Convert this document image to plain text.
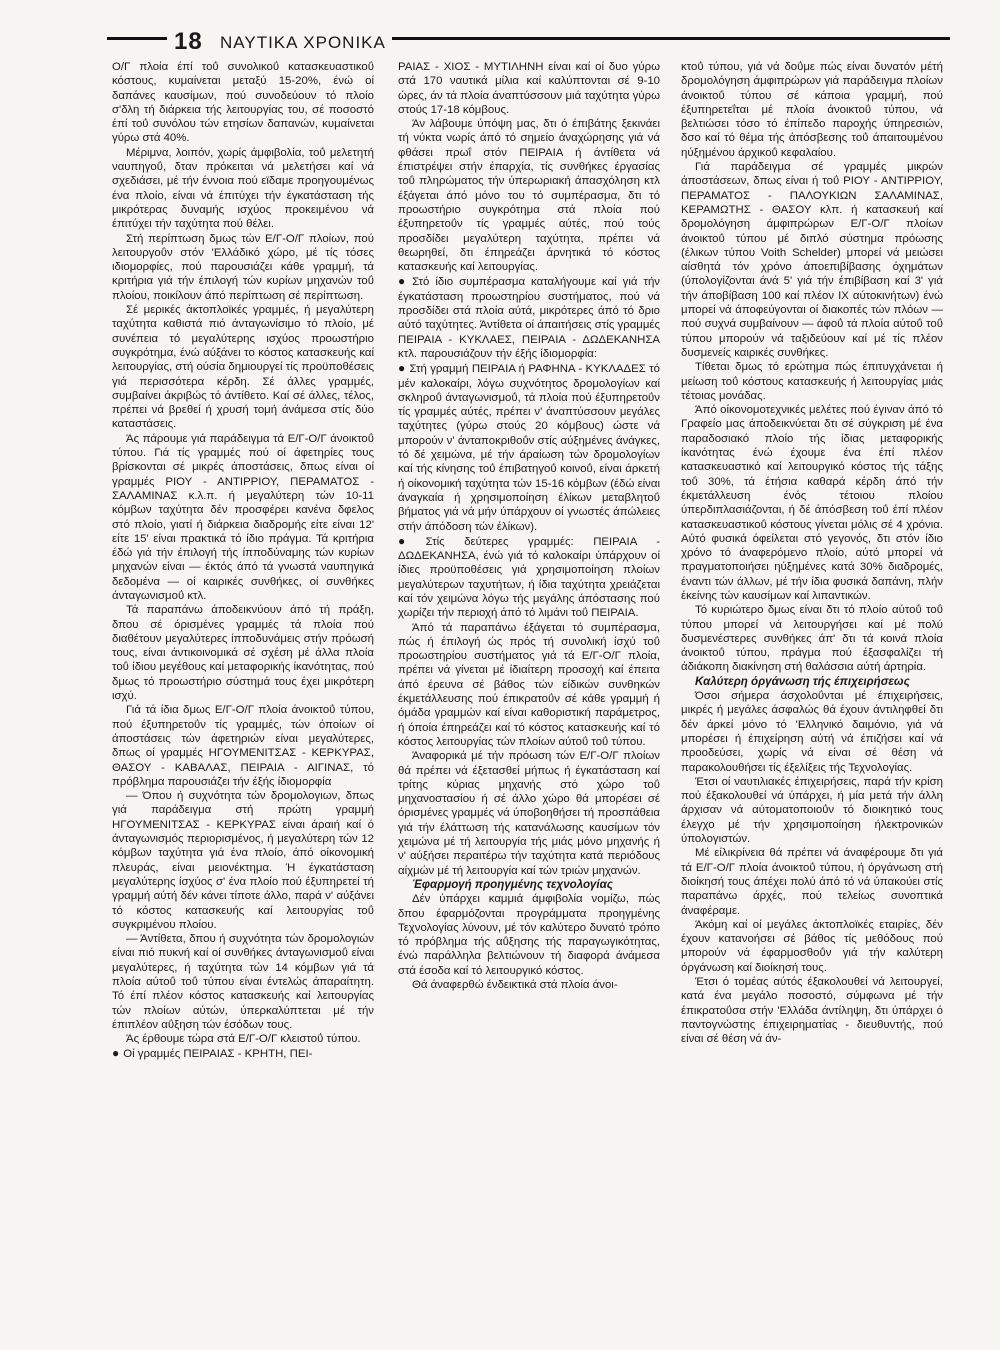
18 ΝΑΥΤΙΚΑ ΧΡΟΝΙΚΑ

Ο/Γ πλοία έπί τοΰ συνολικοΰ κατασκευαστικοΰ κόστους, κυμαίνεται μεταξύ 15-20%, ένώ οί δαπάνες καυσίμων, πού συνοδεύουν τό πλοίο σ'δλη τή διάρκεια τής λειτουργίας του, σέ ποσοστό έπί τοΰ συνόλου τών ετησίων δαπανών, κυμαίνεται γύρω στά 40%.

Μέριμνα, λοιπόν, χωρίς άμφιβολία, τοΰ μελετητή ναυπηγοΰ, δταν πρόκειται νά μελετήσει καί νά σχεδιάσει, μέ τήν έννοια πού εϊδαμε προηγουμένως ένα πλοίο, είναι νά έπιτύχει τήν έγκατάσταση τής μικρότερας δυναμής ισχύος προκειμένου νά έπιτύχει τήν ταχύτητα πού θέλει.

Στή περίπτωση δμως τών Ε/Γ-Ο/Γ πλοίων, πού λειτουργοΰν στόν 'Ελλάδικό χώρο, μέ τίς τόσες ιδιομορφίες, πού παρουσιάζει κάθε γραμμή, τά κριτήρια γιά τήν έπιλογή τών κυρίων μηχανών τοΰ πλοίου, ποικίλουν άπό περίπτωση σέ περίπτωση.

Σέ μερικές άκτοπλοϊκές γραμμές, ή μεγαλύτερη ταχύτητα καθιστά πιό άνταγωνίσιμο τό πλοίο, μέ συνέπεια τό μεγαλύτερης ισχύος προωστήριο συγκρότημα, ένώ αύξάνει το κόστος κατασκευής καί λειτουργίας, στή ούσία δημιουργεί τίς προϋποθέσεις γιά περισσότερα κέρδη. Σέ άλλες γραμμές, συμβαίνει άκριβώς τό άντίθετο. Καί σέ άλλες, τέλος, πρέπει νά βρεθεί ή χρυσή τομή άνάμεσα στίς δύο καταστάσεις.

Άς πάρουμε γιά παράδειγμα τά Ε/Γ-Ο/Γ άνοικτοΰ τύπου. Γιά τίς γραμμές πού οί άφετηρίες τους βρίσκονται σέ μικρές άποστάσεις, δπως είναι οί γραμμές ΡΙΟΥ - ΑΝΤΙΡΡΙΟΥ, ΠΕΡΑΜΑΤΟΣ - ΣΑΛΑΜΙΝΑΣ κ.λ.π. ή μεγαλύτερη τών 10-11 κόμβων ταχύτητα δέν προσφέρει κανένα δφελος στό πλοίο, γιατί ή διάρκεια διαδρομής είτε είναι 12' είτε 15' είναι πρακτικά τό ίδιο πράγμα. Τά κριτήρια έδώ γιά τήν έπιλογή τής ίπποδύναμης τών κυρίων μηχανών είναι — έκτός άπό τά γνωστά ναυπηγικά δεδομένα — οί καιρικές συνθήκες, οί συνθήκες άνταγωνισμοΰ κτλ.

Τά παραπάνω άποδεικνύουν άπό τή πράξη, δπου σέ όρισμένες γραμμές τά πλοία πού διαθέτουν μεγαλύτερες ίπποδυνάμεις στήν πρόωσή τους, είναι άντικοινομικά σέ σχέση μέ άλλα πλοία τοΰ ίδιου μεγέθους καί μεταφορικής ίκανότητας, πού δμως τό προωστήριο σύστημά τους έχει μικρότερη ισχύ.

Γιά τά ίδια δμως Ε/Γ-Ο/Γ πλοία άνοικτοΰ τύπου, πού έξυπηρετοΰν τίς γραμμές, τών όποίων οί άποστάσεις τών άφετηριών είναι μεγαλύτερες, δπως οί γραμμές ΗΓΟΥΜΕΝΙΤΣΑΣ - ΚΕΡΚΥΡΑΣ, ΘΑΣΟΥ - ΚΑΒΑΛΑΣ, ΠΕΙΡΑΙΑ - ΑΙΓΙΝΑΣ, τό πρόβλημα παρουσιάζει τήν έξής ίδιομορφία

— Όπου ή συχνότητα τών δρομολογιων, δπως γιά παράδειγμα στή πρώτη γραμμή ΗΓΟΥΜΕΝΙΤΣΑΣ - ΚΕΡΚΥΡΑΣ είναι άραιή καί ό άνταγωνισμός περιορισμένος, ή μεγαλύτερη τών 12 κόμβων ταχύτητα γιά ένα πλοίο, άπό οίκονομική πλευράς, είναι μειονέκτημα. Ή έγκατάσταση μεγαλύτερης ίσχύος σ' ένα πλοίο πού έξυπηρετεί τή γραμμή αύτή δέν κάνει τίποτε άλλο, παρά ν' αύξάνει τό κόστος κατασκευής καί λειτουργίας τοΰ συγκριμένου πλοίου.

— Άντίθετα, δπου ή συχνότητα τών δρομολογιών είναι πιό πυκνή καί οί συνθήκες άνταγωνισμοΰ είναι μεγαλύτερες, ή ταχύτητα τών 14 κόμβων γιά τά πλοία αύτοΰ τοΰ τύπου είναι έντελώς άπαραίτητη. Τό έπί πλέον κόστος κατασκευής καί λειτουργίας τών πλοίων αύτών, ύπερκαλύπτεται μέ τήν έπιπλέον αΰξηση τών έσόδων τους.

Άς έρθουμε τώρα στά Ε/Γ-Ο/Γ κλειστοΰ τύπου.

● Οί γραμμές ΠΕΙΡΑΙΑΣ - ΚΡΗΤΗ, ΠΕΙ-

ΡΑΙΑΣ - ΧΙΟΣ - ΜΥΤΙΛΗΝΗ είναι καί οί δυο γύρω στά 170 ναυτικά μίλια καί καλύπτονται σέ 9-10 ώρες, άν τά πλοία άναπτύσσουν μιά ταχύτητα γύρω στούς 17-18 κόμβους.

Άν λάβουμε ύπόψη μας, δτι ό έπιβάτης ξεκινάει τή νύκτα νωρίς άπό τό σημείο άναχώρησης γιά νά φθάσει πρωΐ στόν ΠΕΙΡΑΙΑ ή άντίθετα νά έπιστρέψει στήν έπαρχία, τίς συνθήκες έργασίας τοΰ πληρώματος τήν ύπερωριακή άπασχόληση κτλ έξάγεται άπό μόνο του τό συμπέρασμα, δτι τό προωστήριο συγκρότημα στά πλοία πού έξυπηρετοΰν τίς γραμμές αύτές, πού τούς προσδίδει μεγαλύτερη ταχύτητα, πρέπει νά θεωρηθεί, δτι έπηρεάζει άρνητικά τό κόστος κατασκευής καί λειτουργίας.

● Στό ίδιο συμπέρασμα καταλήγουμε καί γιά τήν έγκατάσταση προωστηρίου συστήματος, πού νά προσδίδει στά πλοία αύτά, μικρότερες άπό τό δριο αύτό ταχύτητες. Άντίθετα οί άπαιτήσεις στίς γραμμές ΠΕΙΡΑΙΑ - ΚΥΚΛΑΕΣ, ΠΕΙΡΑΙΑ - ΔΩΔΕΚΑΝΗΣΑ κτλ. παρουσιάζουν τήν έξής ίδιομορφία:

● Στή γραμμή ΠΕΙΡΑΙΑ ή ΡΑΦΗΝΑ - ΚΥΚΛΑΔΕΣ τό μέν καλοκαίρι, λόγω συχνότητος δρομολογίων καί σκληροΰ άνταγωνισμοΰ, τά πλοία πού έξυπηρετοΰν τίς γραμμές αύτές, πρέπει ν' άναπτύσσουν μεγάλες ταχύτητες (γύρω στούς 20 κόμβους) ώστε νά μπορούν ν' άνταποκριθοΰν στίς αύξημένες άνάγκες, τό δέ χειμώνα, μέ τήν άραίωση τών δρομολογίων καί τής κίνησης τοΰ έπιβατηγοΰ κοινοΰ, είναι άρκετή ή οίκονομική ταχύτητα τών 15-16 κόμβων (έδώ είναι άναγκαία ή χρησιμοποίηση έλίκων μεταβλητοΰ βήματος γιά νά μήν ύπάρχουν οί γνωστές άπώλειες στήν άπόδοση τών έλίκων).

● Στίς δεύτερες γραμμές: ΠΕΙΡΑΙΑ - ΔΩΔΕΚΑΝΗΣΑ, ένώ γιά τό καλοκαίρι ύπάρχουν οί ίδιες προϋποθέσεις γιά χρησιμοποίηση πλοίων μεγαλύτερων ταχυτήτων, ή ίδια ταχύτητα χρειάζεται καί τόν χειμώνα λόγω τής μεγάλης άπόστασης πού χωρίζει τήν περιοχή άπό τό λιμάνι τοΰ ΠΕΙΡΑΙΑ.

Άπό τά παραπάνω έξάγεται τό συμπέρασμα, πώς ή έπιλογή ώς πρός τή συνολική ίσχύ τοΰ προωστηρίου συστήματος γιά τά Ε/Γ-Ο/Γ πλοία, πρέπει νά γίνεται μέ ίδιαίτερη προσοχή καί έπειτα άπό έρευνα σέ βάθος τών είδικών συνθηκών έκμετάλλευσης πού έπικρατοΰν σέ κάθε γραμμή ή όμάδα γραμμών καί είναι καθοριστική παράμετρος, ή όποία έπηρεάζει καί τό κόστος κατασκευής καί τό κόστος λειτουργίας τών πλοίων αύτοΰ τοΰ τύπου.

Άναφορικά μέ τήν πρόωση τών Ε/Γ-Ο/Γ πλοίων θά πρέπει νά έξετασθεί μήπως ή έγκατάσταση καί τρίτης κύριας μηχανής στό χώρο τοΰ μηχανοστασίου ή σέ άλλο χώρο θά μπορέσει σέ όρισμένες γραμμές νά ύποβοηθήσει τή προσπάθεια γιά τήν έλάττωση τής κατανάλωσης καυσίμων τόν χειμώνα μέ τή λειτουργία τής μιάς μόνο μηχανής ή ν' αύξήσει περαιτέρω τήν ταχύτητα κατά περιόδους αίχμών μέ τή λειτουργία καί τών τριών μηχανών.

Έφαρμογή προηγμένης τεχνολογίας

Δέν ύπάρχει καμμιά άμφιβολία νομίζω, πώς δπου έφαρμόζονται προγράμματα προηγμένης Τεχνολογίας λύνουν, μέ τόν καλύτερο δυνατό τρόπο τό πρόβλημα τής αΰξησης τής παραγωγικότητας, ένώ παράλληλα βελτιώνουν τή διαφορά άνάμεσα στά έσοδα καί τό λειτουργικό κόστος.

Θά άναφερθώ ένδεικτικά στά πλοία άνοι-

κτοΰ τύπου, γιά νά δοΰμε πώς είναι δυνατόν μέτή δρομολόγηση άμφιπρώρων γιά παράδειγμα πλοίων άνοικτοΰ τύπου σέ κάποια γραμμή, πού έξυπηρετεΐται μέ πλοία άνοικτοΰ τύπου, νά βελτιώσει τόσο τό έπίπεδο παροχής ύπηρεσιών, δσο καί τό θέμα τής άπόσβεσης τοΰ άπαιτουμένου ηύξημένου άρχικοΰ κεφαλαίου.

Γιά παράδειγμα σέ γραμμές μικρών άποστάσεων, δπως είναι ή τοΰ ΡΙΟΥ - ΑΝΤΙΡΡΙΟΥ, ΠΕΡΑΜΑΤΟΣ - ΠΑΛΟΥΚΙΩΝ ΣΑΛΑΜΙΝΑΣ, ΚΕΡΑΜΩΤΗΣ - ΘΑΣΟΥ κλπ. ή κατασκευή καί δρομολόγηση άμφιπρώρων Ε/Γ-Ο/Γ πλοίων άνοικτοΰ τύπου μέ διπλό σύστημα πρόωσης (έλικων τύπου Voith Schelder) μπορεί νά μειώσει αίσθητά τόν χρόνο άποεπιβίβασης όχημάτων (ύπολογίζονται άνά 5' γιά τήν έπιβίβαση καί 3' γιά τήν άποβίβαση 100 καί πλέον ΙΧ αύτοκινήτων) ένώ μπορεί νά άποφεύγονται οί διακοπές τών πλόων — πού συχνά συμβαίνουν — άφοΰ τά πλοία αύτοΰ τοΰ τύπου μπορούν νά ταξιδεύουν καί μέ τίς πλέον δυσμενείς καιρικές συνθήκες.

Τίθεται δμως τό ερώτημα πώς έπιτυγχάνεται ή μείωση τοΰ κόστους κατασκευής ή λειτουργίας μιάς τέτοιας μονάδας.

Άπό οίκονομοτεχνικές μελέτες πού έγιναν άπό τό Γραφείο μας άποδεικνύεται δτι σέ σύγκριση μέ ένα παραδοσιακό πλοίο τής ίδιας μεταφορικής ίκανότητας ένώ έχουμε ένα έπί πλέον κατασκευαστικό καί λειτουργικό κόστος τής τάξης τοΰ 30%, τά έτήσια καθαρά κέρδη άπό τήν έκμετάλλευση ένός τέτοιου πλοίου ύπερδιπλασιάζονται, ή δέ άπόσβεση τοΰ έπί πλέον κατασκευαστικοΰ κόστους γίνεται μόλις σέ 4 χρόνια. Αύτό φυσικά όφείλεται στό γεγονός, δτι στόν ίδιο χρόνο τό άναφερόμενο πλοίο, αύτό μπορεί νά πραγματοποιήσει ηύξημένες κατά 30% διαδρομές, έναντι τών άλλων, μέ τήν ίδια φυσικά δαπάνη, πλήν έκείνης τών καυσίμων καί λιπαντικών.

Τό κυριώτερο δμως είναι δτι τό πλοίο αύτοΰ τοΰ τύπου μπορεί νά λειτουργήσει καί μέ πολύ δυσμενέστερες συνθήκες άπ' δτι τά κοινά πλοία άνοικτοΰ τύπου, πράγμα πού έξασφαλίζει τή άδιάκοπη διακίνηση στή θαλάσσια αύτή άρτηρία.

Καλύτερη όργάνωση τής έπιχειρήσεως

Όσοι σήμερα άσχολοΰνται μέ έπιχειρήσεις, μικρές ή μεγάλες άσφαλώς θά έχουν άντιληφθεί δτι δέν άρκεί μόνο τό 'Ελληνικό δαιμόνιο, γιά νά μπορέσει ή έπιχείρηση αύτή νά έπιζήσει καί νά προοδεύσει, χωρίς νά είναι σέ θέση νά παρακολουθήσει τίς έξελίξεις τής Τεχνολογίας.

Έτσι οί ναυτιλιακές έπιχειρήσεις, παρά τήν κρίση πού έξακολουθεί νά ύπάρχει, ή μία μετά τήν άλλη άρχισαν νά αύτοματοποιοΰν τό διοικητικό τους έλεγχο μέ τήν χρησιμοποίηση ήλεκτρονικών ύπολογιστών.

Μέ είλικρίνεια θά πρέπει νά άναφέρουμε δτι γιά τά Ε/Γ-Ο/Γ πλοία άνοικτοΰ τύπου, ή όργάνωση στή διοίκησή τους άπέχει πολύ άπό τό νά ύπακούει στίς παραπάνω άρχές, πού τελείως συνοπτικά άναφέραμε.

Άκόμη καί οί μεγάλες άκτοπλοϊκές εταιρίες, δέν έχουν κατανοήσει σέ βάθος τίς μεθόδους πού μπορούν νά έφαρμοσθοΰν γιά τήν καλύτερη όργάνωση καί διοίκησή τους.

Έτσι ό τομέας αύτός έξακολουθεί νά λειτουργεί, κατά ένα μεγάλο ποσοστό, σύμφωνα μέ τήν έπικρατοΰσα στήν 'Ελλάδα άντίληψη, δτι ύπάρχει ό παντογνώστης έπιχειρηματίας - διευθυντής, πού είναι σέ θέση νά άν-
